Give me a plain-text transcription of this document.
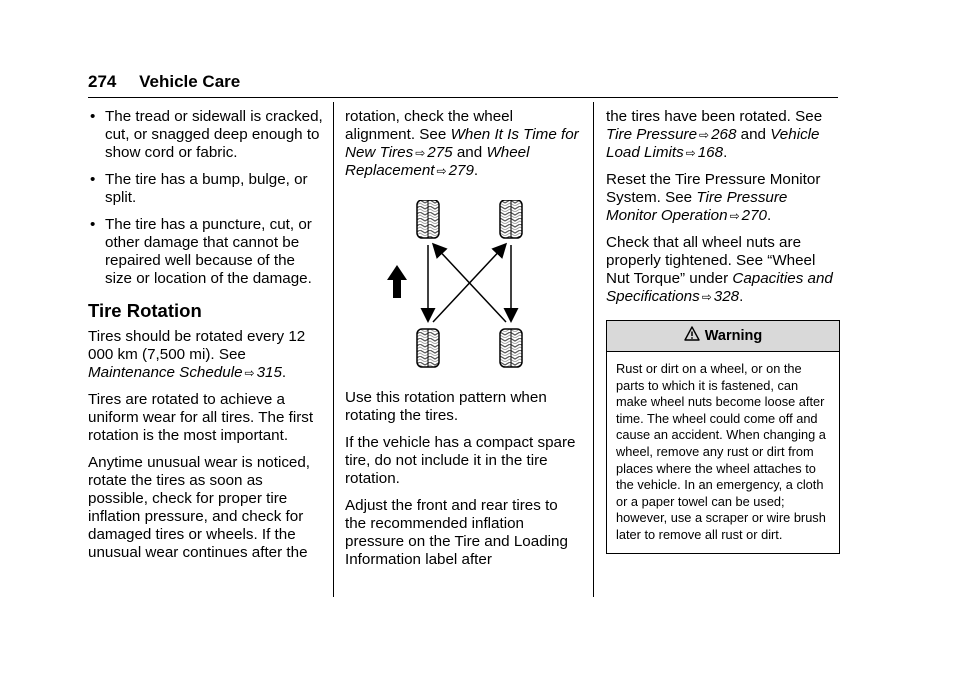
274 Vehicle Care
• The tread or sidewall is cracked, cut, or snagged deep enough to show cord or fabric.
• The tire has a bump, bulge, or split.
• The tire has a puncture, cut, or other damage that cannot be repaired well because of the size or location of the damage.
Tire Rotation

Tires should be rotated every 12 000 km (7,500 mi). See Maintenance Schedule ⇨ 315.

Tires are rotated to achieve a uniform wear for all tires. The first rotation is the most important.

Anytime unusual wear is noticed, rotate the tires as soon as possible, check for proper tire inflation pressure, and check for damaged tires or wheels. If the unusual wear continues after the

rotation, check the wheel alignment. See When It Is Time for New Tires ⇨ 275 and Wheel Replacement ⇨ 279.

Use this rotation pattern when rotating the tires.

If the vehicle has a compact spare tire, do not include it in the tire rotation.

Adjust the front and rear tires to the recommended inflation pressure on the Tire and Loading Information label after

the tires have been rotated. See Tire Pressure ⇨ 268 and Vehicle Load Limits ⇨ 168.

Reset the Tire Pressure Monitor System. See Tire Pressure Monitor Operation ⇨ 270.

Check that all wheel nuts are properly tightened. See “Wheel Nut Torque” under Capacities and Specifications ⇨ 328.

Warning
Rust or dirt on a wheel, or on the parts to which it is fastened, can make wheel nuts become loose after time. The wheel could come off and cause an accident. When changing a wheel, remove any rust or dirt from places where the wheel attaches to the vehicle. In an emergency, a cloth or a paper towel can be used; however, use a scraper or wire brush later to remove all rust or dirt.
